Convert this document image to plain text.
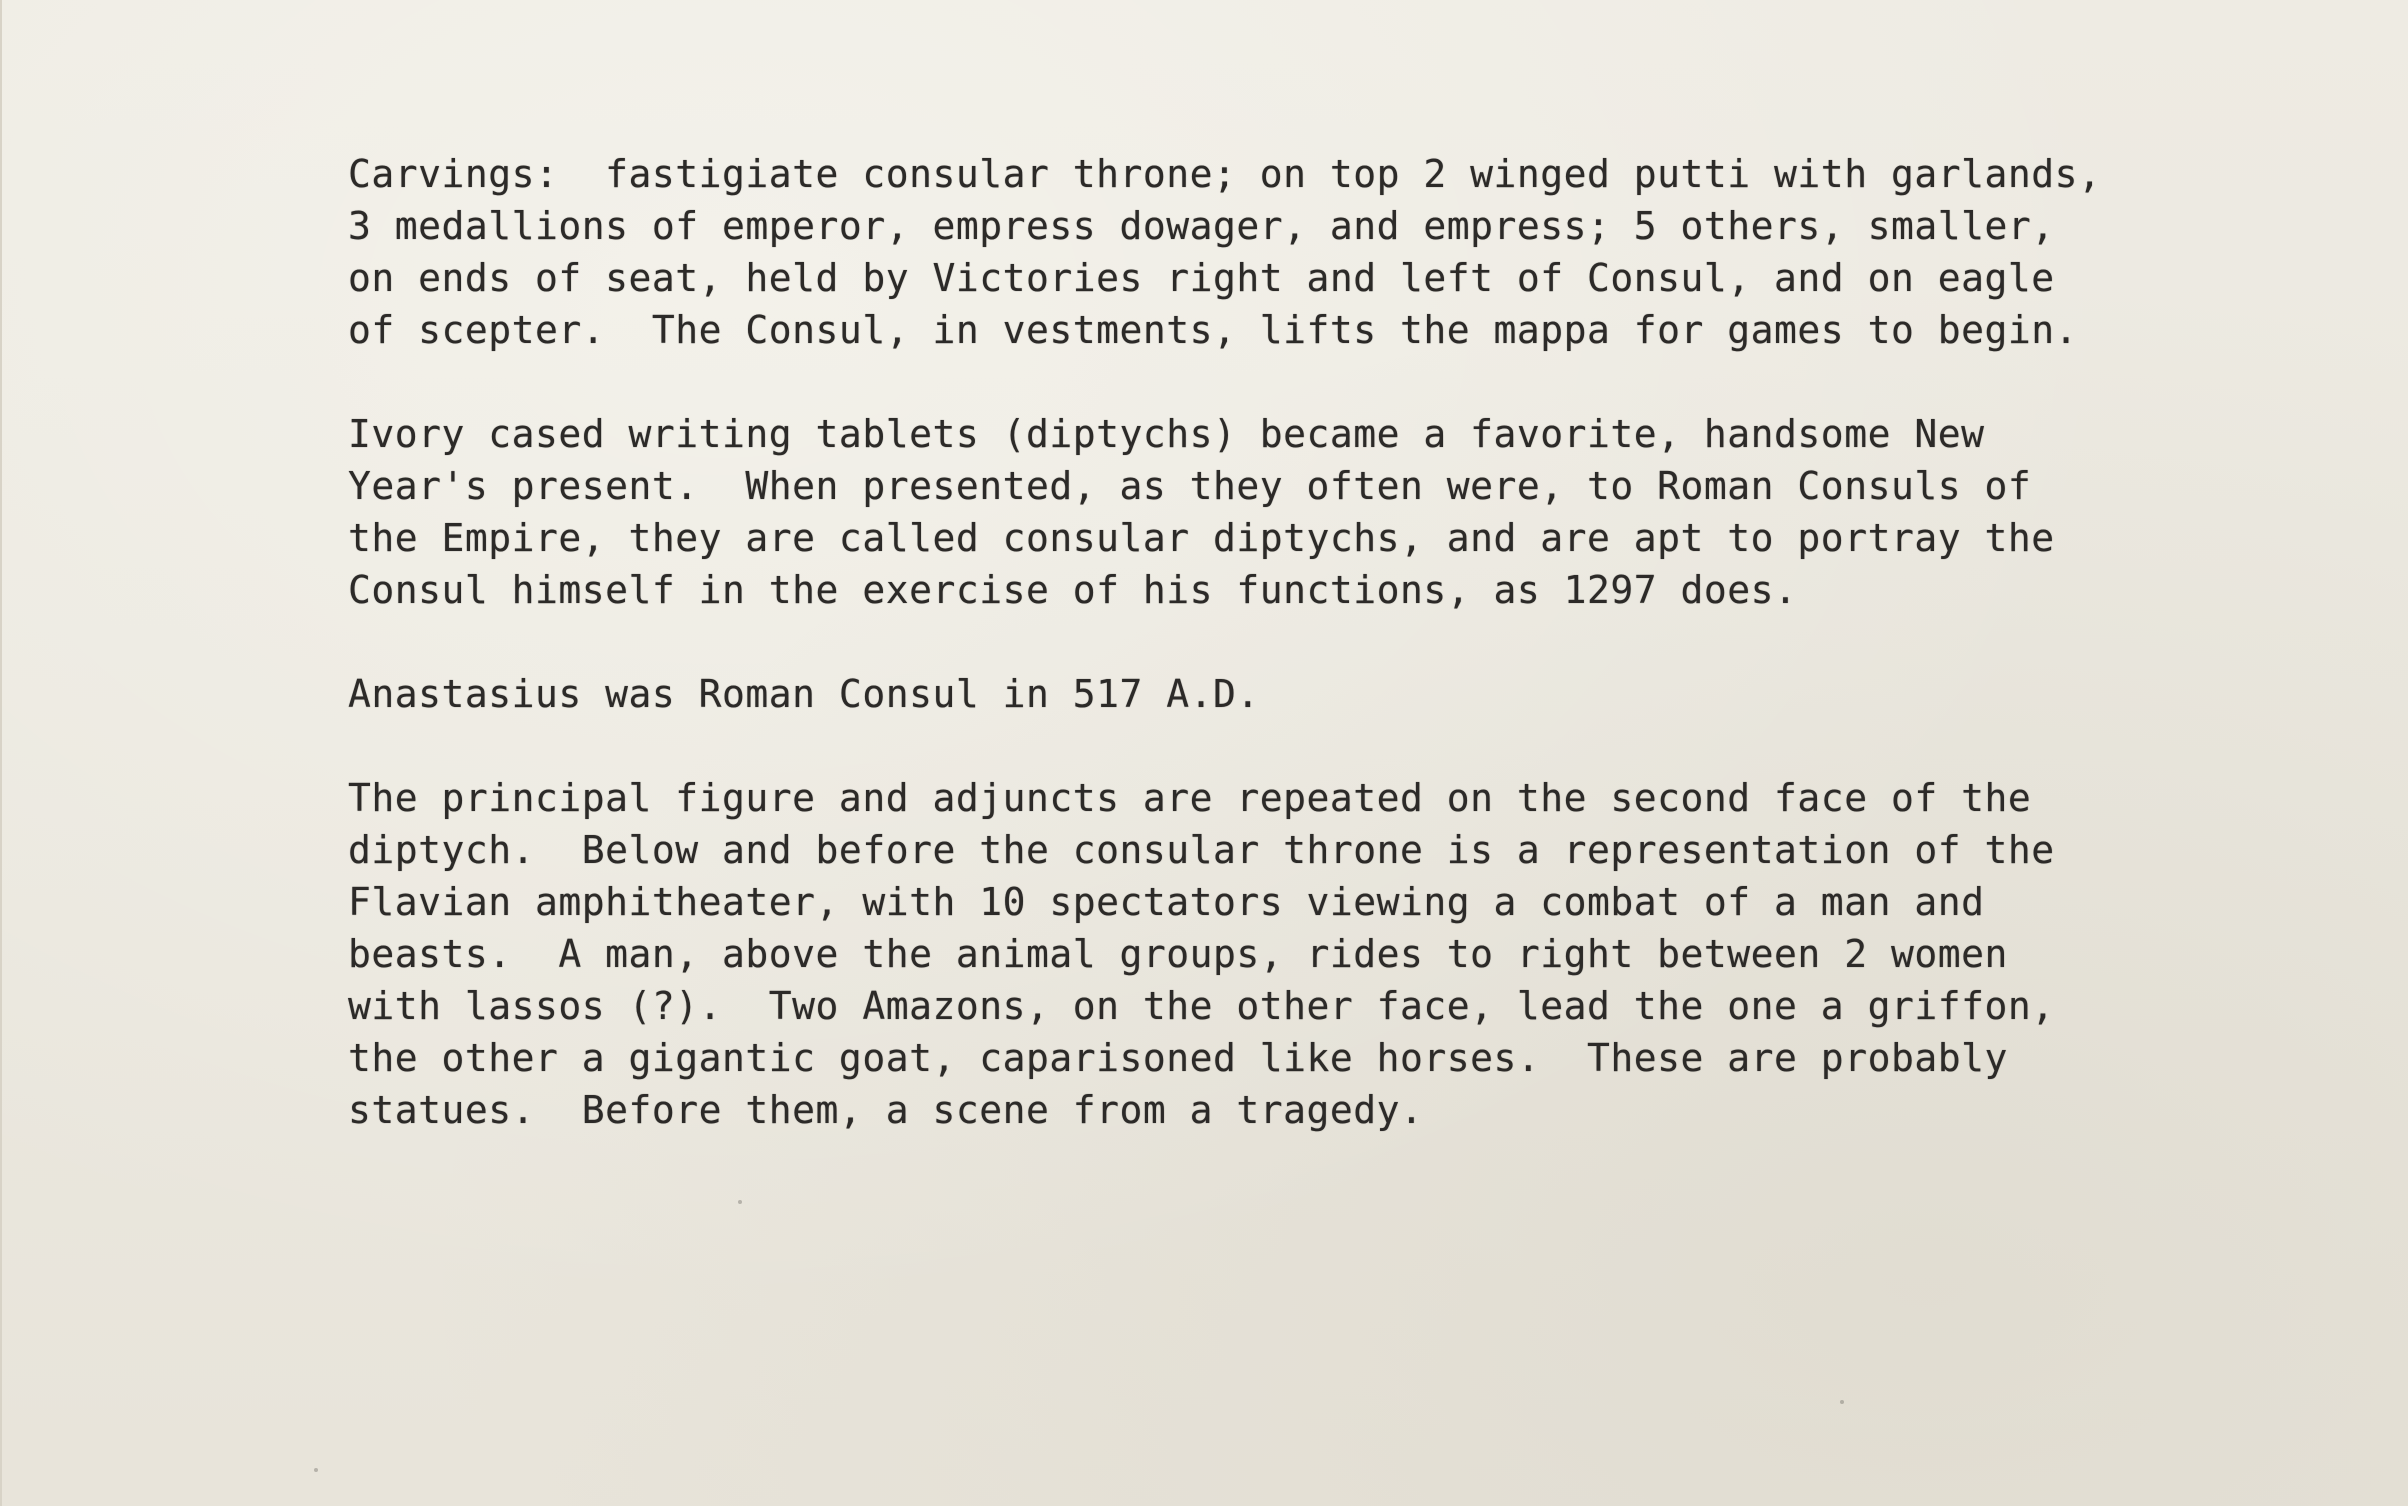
Carvings:  fastigiate consular throne; on top 2 winged putti with garlands,
3 medallions of emperor, empress dowager, and empress; 5 others, smaller,
on ends of seat, held by Victories right and left of Consul, and on eagle
of scepter.  The Consul, in vestments, lifts the mappa for games to begin.
Ivory cased writing tablets (diptychs) became a favorite, handsome New
Year's present.  When presented, as they often were, to Roman Consuls of
the Empire, they are called consular diptychs, and are apt to portray the
Consul himself in the exercise of his functions, as 1297 does.
Anastasius was Roman Consul in 517 A.D.
The principal figure and adjuncts are repeated on the second face of the
diptych.  Below and before the consular throne is a representation of the
Flavian amphitheater, with 10 spectators viewing a combat of a man and
beasts.  A man, above the animal groups, rides to right between 2 women
with lassos (?).  Two Amazons, on the other face, lead the one a griffon,
the other a gigantic goat, caparisoned like horses.  These are probably
statues.  Before them, a scene from a tragedy.
